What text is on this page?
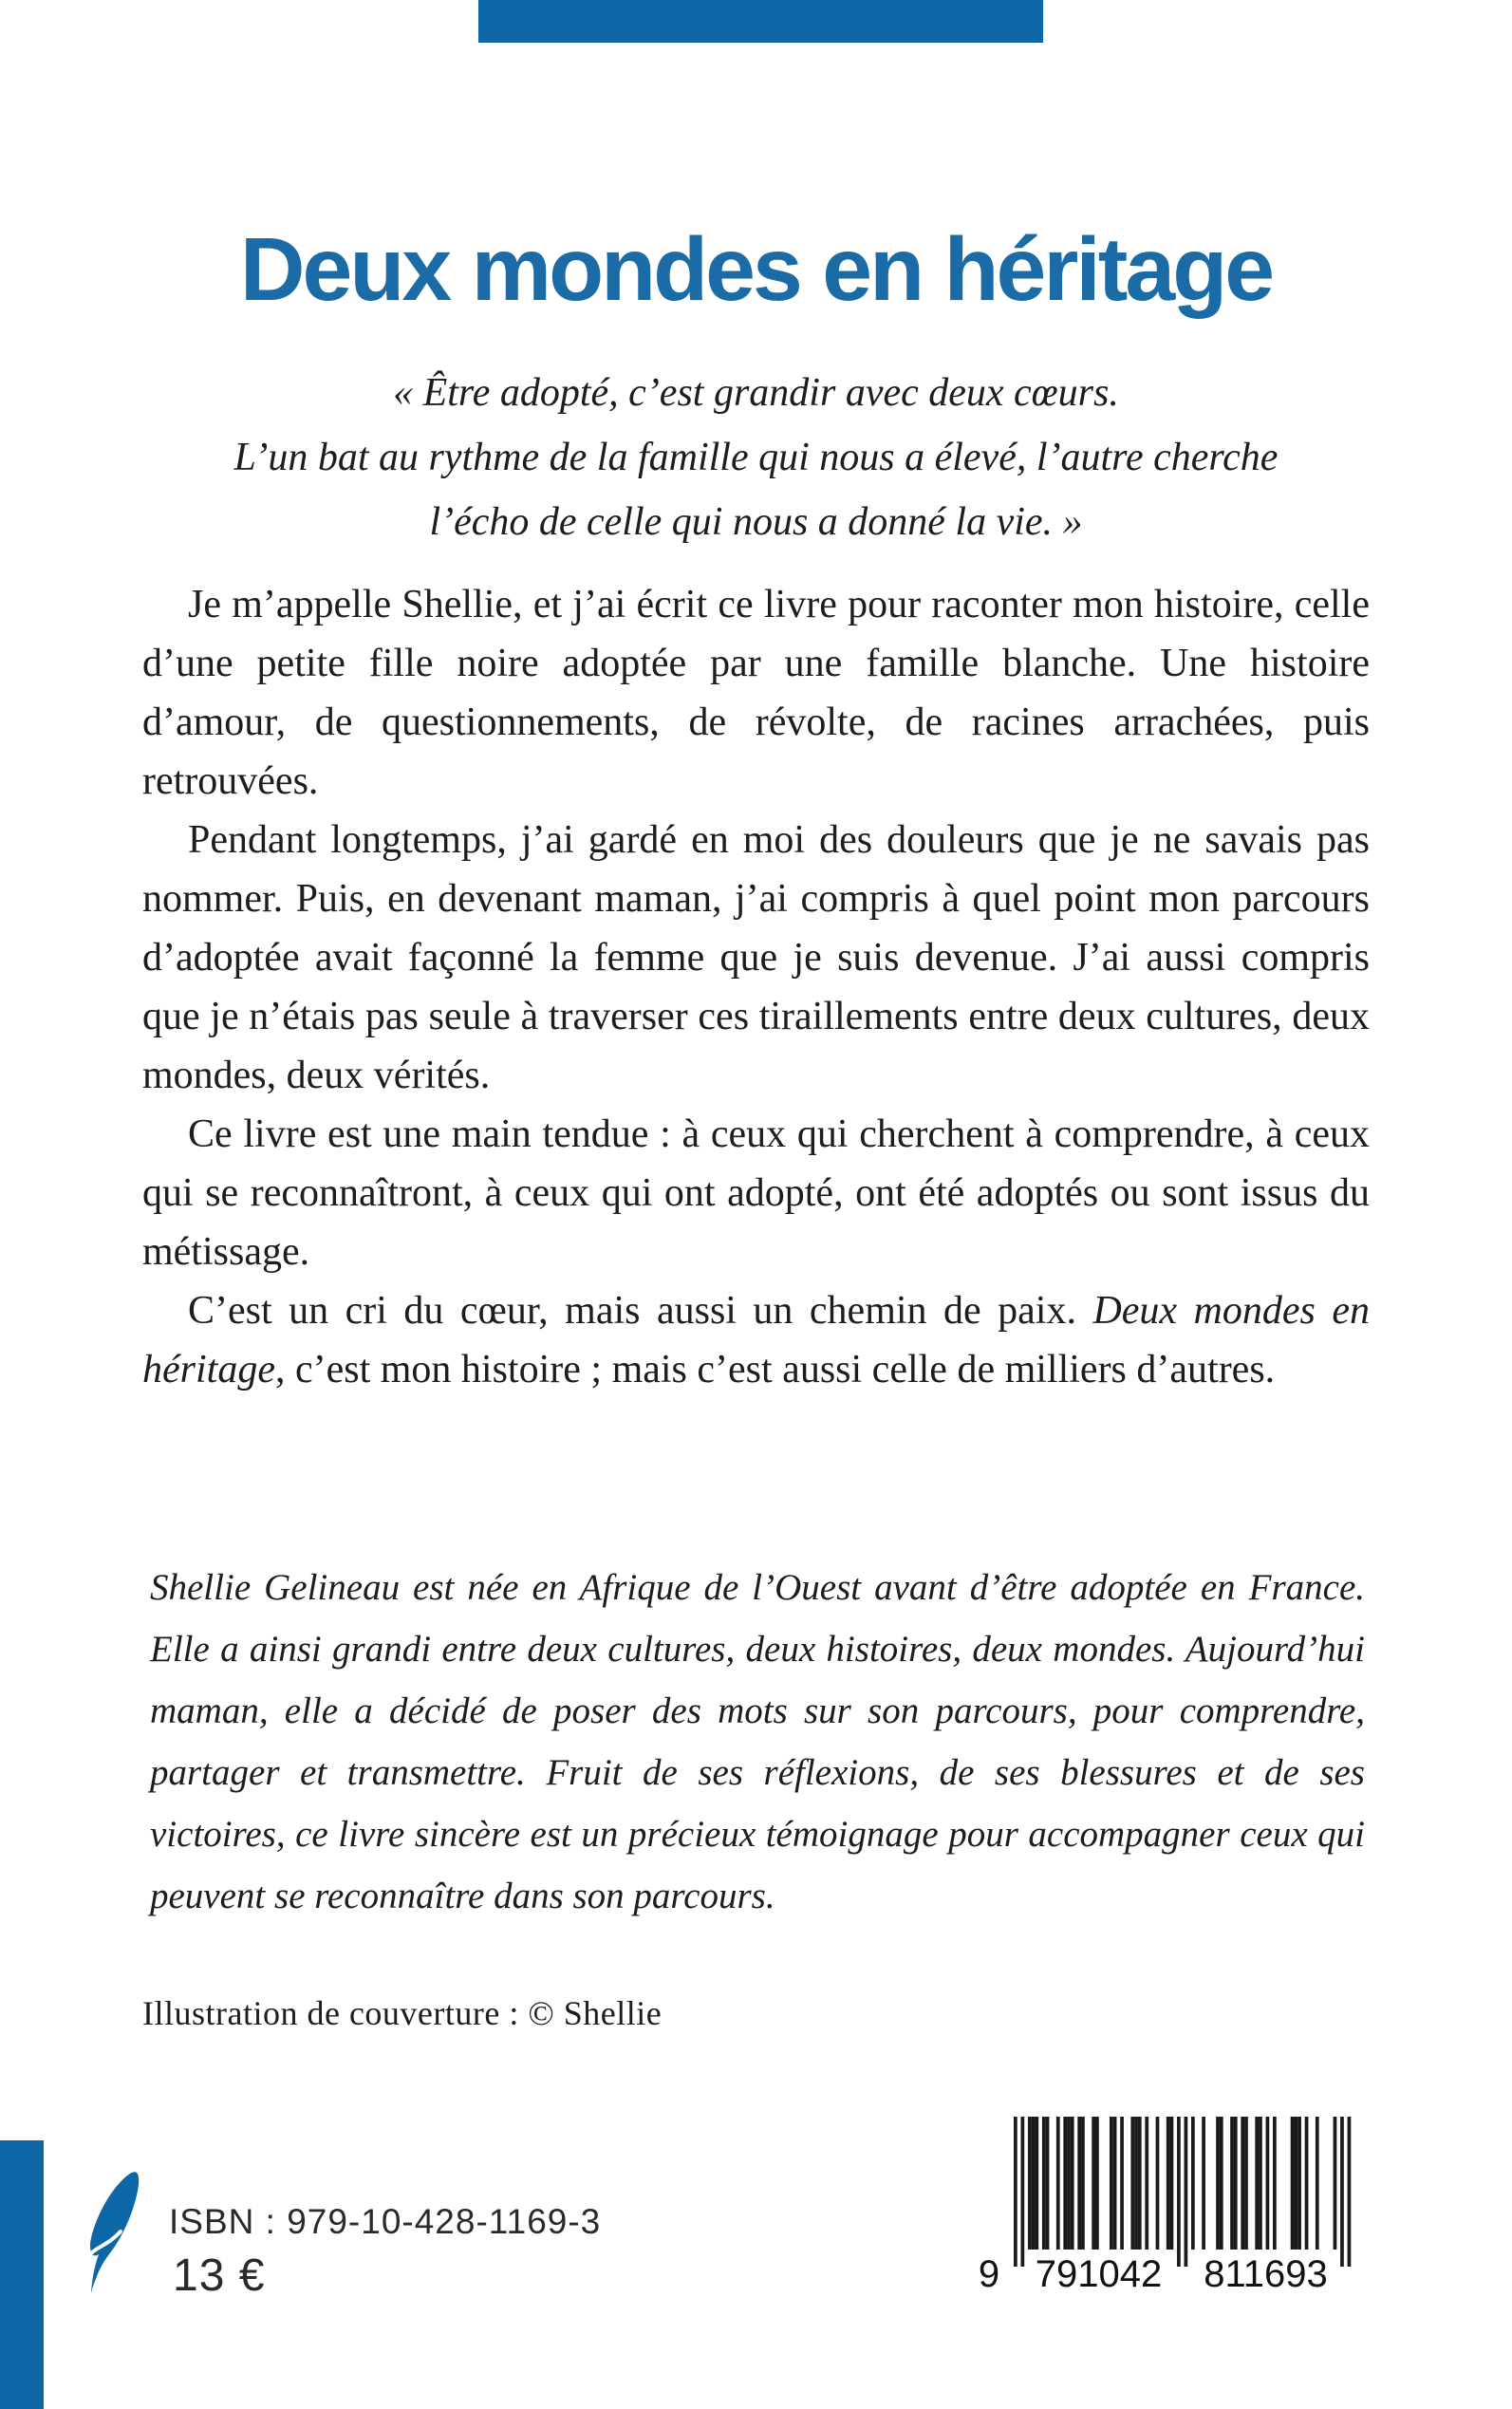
Deux mondes en héritage
« Être adopté, c’est grandir avec deux cœurs.
L’un bat au rythme de la famille qui nous a élevé, l’autre cherche
l’écho de celle qui nous a donné la vie. »

Je m’appelle Shellie, et j’ai écrit ce livre pour raconter mon histoire, celle d’une petite fille noire adoptée par une famille blanche. Une histoire d’amour, de questionnements, de révolte, de racines arrachées, puis retrouvées.

Pendant longtemps, j’ai gardé en moi des douleurs que je ne savais pas nommer. Puis, en devenant maman, j’ai compris à quel point mon parcours d’adoptée avait façonné la femme que je suis devenue. J’ai aussi compris que je n’étais pas seule à traverser ces tiraillements entre deux cultures, deux mondes, deux vérités.

Ce livre est une main tendue : à ceux qui cherchent à comprendre, à ceux qui se reconnaîtront, à ceux qui ont adopté, ont été adoptés ou sont issus du métissage.

C’est un cri du cœur, mais aussi un chemin de paix. Deux mondes en héritage, c’est mon histoire ; mais c’est aussi celle de milliers d’autres.

Shellie Gelineau est née en Afrique de l’Ouest avant d’être adoptée en France. Elle a ainsi grandi entre deux cultures, deux histoires, deux mondes. Aujourd’hui maman, elle a décidé de poser des mots sur son parcours, pour comprendre, partager et transmettre. Fruit de ses réflexions, de ses blessures et de ses victoires, ce livre sincère est un précieux témoignage pour accompagner ceux qui peuvent se reconnaître dans son parcours.
Illustration de couverture : © Shellie
ISBN : 979-10-428-1169-3
13 €	9 791042	811693
